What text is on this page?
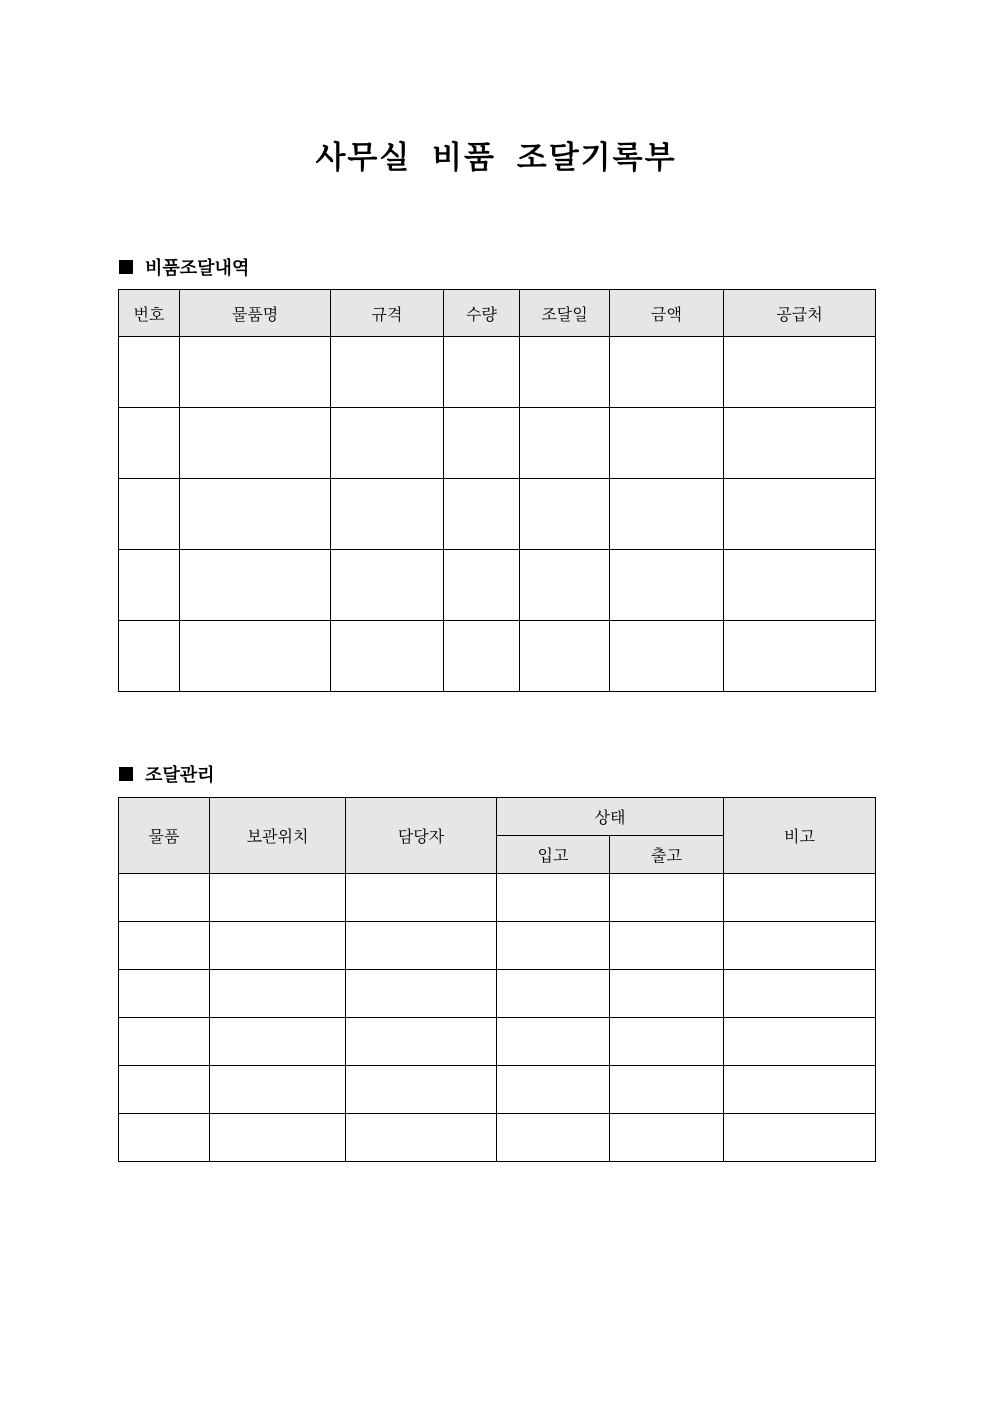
사무실 비품 조달기록부
비품조달내역
번호	물품명	규격	수량	조달일	금액	공급처

조달관리
물품	보관위치	담당자	상태		비고
			입고	출고	
